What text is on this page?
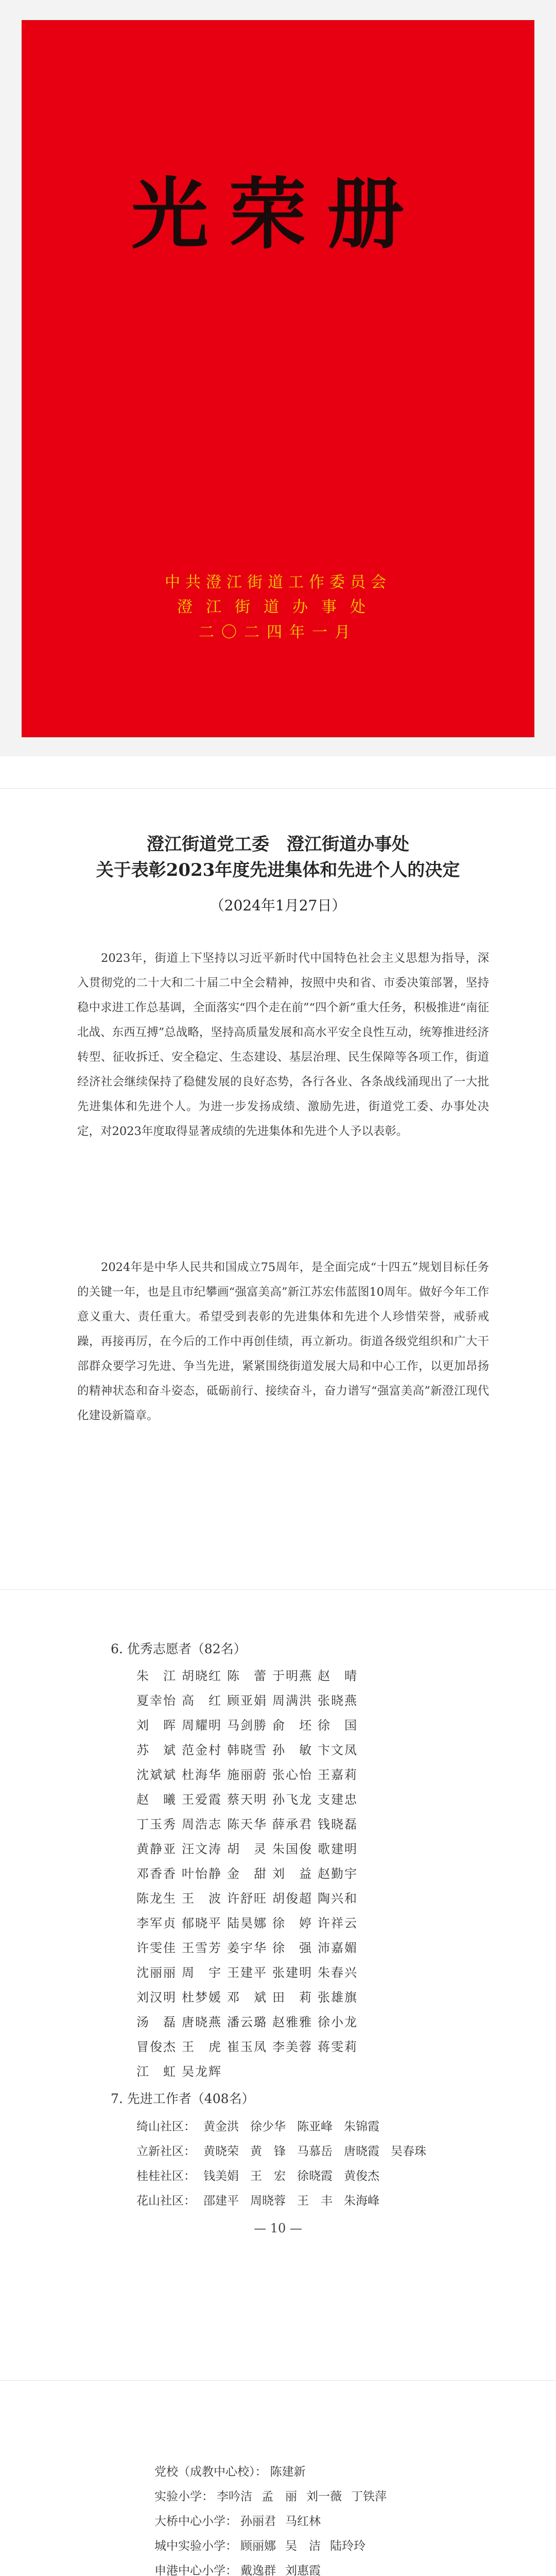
光荣册
中共澄江街道工作委员会
澄江街道办事处
二〇二四年一月
澄江街道党工委　澄江街道办事处
关于表彰2023年度先进集体和先进个人的决定
（2024年1月27日）
2023年，街道上下坚持以习近平新时代中国特色社会主义思想为指导，深入贯彻党的二十大和二十届二中全会精神，按照中央和省、市委决策部署，坚持稳中求进工作总基调，全面落实“四个走在前”“四个新”重大任务，积极推进“南征北战、东西互搏”总战略，坚持高质量发展和高水平安全良性互动，统筹推进经济转型、征收拆迁、安全稳定、生态建设、基层治理、民生保障等各项工作，街道经济社会继续保持了稳健发展的良好态势，各行各业、各条战线涌现出了一大批先进集体和先进个人。为进一步发扬成绩、激励先进，街道党工委、办事处决定，对2023年度取得显著成绩的先进集体和先进个人予以表彰。
2024年是中华人民共和国成立75周年，是全面完成“十四五”规划目标任务的关键一年，也是且市纪攀画“强富美高”新江苏宏伟蓝图10周年。做好今年工作意义重大、责任重大。希望受到表彰的先进集体和先进个人珍惜荣誉，戒骄戒躁，再接再厉，在今后的工作中再创佳绩，再立新功。街道各级党组织和广大干部群众要学习先进、争当先进，紧紧围绕街道发展大局和中心工作，以更加昂扬的精神状态和奋斗姿态，砥砺前行、接续奋斗，奋力谱写“强富美高”新澄江现代化建设新篇章。
6. 优秀志愿者（82名）
朱　江 胡晓红 陈　蕾 于明燕 赵　晴
夏幸怡 高　红 顾亚娟 周满洪 张晓燕
刘　晖 周耀明 马剑勝 俞　坯 徐　国
苏　斌 范金村 韩晓雪 孙　敏 卞文凤
沈斌斌 杜海华 施丽蔚 张心怡 王嘉莉
赵　曦 王爱霞 蔡天明 孙飞龙 支建忠
丁玉秀 周浩志 陈天华 薛承君 钱晓磊
黄静亚 汪文涛 胡　灵 朱国俊 歌建明
邓香香 叶怡静 金　甜 刘　益 赵勤宇
陈龙生 王　波 许舒旺 胡俊超 陶兴和
李军贞 郁晓平 陆昊娜 徐　婷 许祥云
许雯佳 王雪芳 姜宇华 徐　强 沛嘉媚
沈丽丽 周　宇 王建平 张建明 朱春兴
刘汉明 杜梦媛 邓　斌 田　莉 张雄旗
汤　磊 唐晓燕 潘云璐 赵雅雅 徐小龙
冒俊杰 王　虎 崔玉凤 李美蓉 蒋雯莉
江　虹 吴龙辉
7. 先进工作者（408名）
绮山社区： 黄金洪 徐少华 陈亚峰 朱锦霞
立新社区： 黄晓荣 黄　锋 马慕岳 唐晓霞 吴春珠
桂桂社区： 钱美娟 王　宏 徐晓霞 黄俊杰
花山社区： 邵建平 周晓蓉 王　丰 朱海峰
— 10 —
党校（成教中心校）： 陈建新
实验小学： 李吟洁 孟　丽 刘一薇 丁铁萍
大桥中心小学： 孙丽君 马红林
城中实验小学： 顾丽娜 吴　洁 陆玲玲
申港中心小学： 戴逸群 刘惠霞
